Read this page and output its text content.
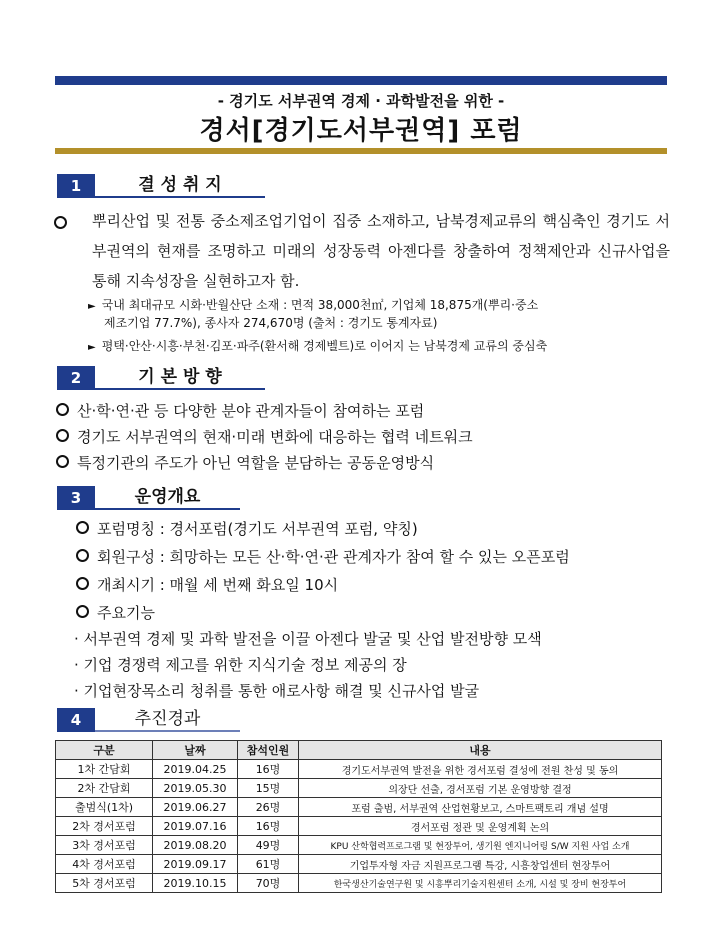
- 경기도 서부권역 경제 · 과학발전을 위한 -
경서[경기도서부권역] 포럼
1	결 성 취 지
뿌리산업 및 전통 중소제조업기업이 집중 소재하고, 남북경제교류의 핵심축인 경기도 서부권역의 현재를 조명하고 미래의 성장동력 아젠다를 창출하여 정책제안과 신규사업을 통해 지속성장을 실현하고자 함.
► 국내 최대규모 시화·반월산단 소재 : 면적 38,000천㎡, 기업체 18,875개(뿌리·중소
제조기업 77.7%), 종사자 274,670명 (출처 : 경기도 통계자료)
► 평택·안산·시흥·부천·김포·파주(환서해 경제벨트)로 이어지 는 남북경제 교류의 중심축
2	기 본 방 향
산·학·연·관 등 다양한 분야 관계자들이 참여하는 포럼
경기도 서부권역의 현재·미래 변화에 대응하는 협력 네트워크
특정기관의 주도가 아닌 역할을 분담하는 공동운영방식
3	운영개요
포럼명칭 : 경서포럼(경기도 서부권역 포럼, 약칭)
회원구성 : 희망하는 모든 산·학·연·관 관계자가 참여 할 수 있는 오픈포럼
개최시기 : 매월 세 번째 화요일 10시
주요기능
· 서부권역 경제 및 과학 발전을 이끌 아젠다 발굴 및 산업 발전방향 모색
· 기업 경쟁력 제고를 위한 지식기술 정보 제공의 장
· 기업현장목소리 청취를 통한 애로사항 해결 및 신규사업 발굴
4	추진경과
구분	날짜	참석인원	내용
1차 간담회	2019.04.25	16명	경기도서부권역 발전을 위한 경서포럼 결성에 전원 찬성 및 동의
2차 간담회	2019.05.30	15명	의장단 선출, 경서포럼 기본 운영방향 결정
출범식(1차)	2019.06.27	26명	포럼 출범, 서부권역 산업현황보고, 스마트팩토리 개념 설명
2차 경서포럼	2019.07.16	16명	경서포럼 정관 및 운영계획 논의
3차 경서포럼	2019.08.20	49명	KPU 산학협력프로그램 및 현장투어, 생기원 엔지니어링 S/W 지원 사업 소개
4차 경서포럼	2019.09.17	61명	기업투자형 자금 지원프로그램 특강, 시흥창업센터 현장투어
5차 경서포럼	2019.10.15	70명	한국생산기술연구원 및 시흥뿌리기술지원센터 소개, 시설 및 장비 현장투어
